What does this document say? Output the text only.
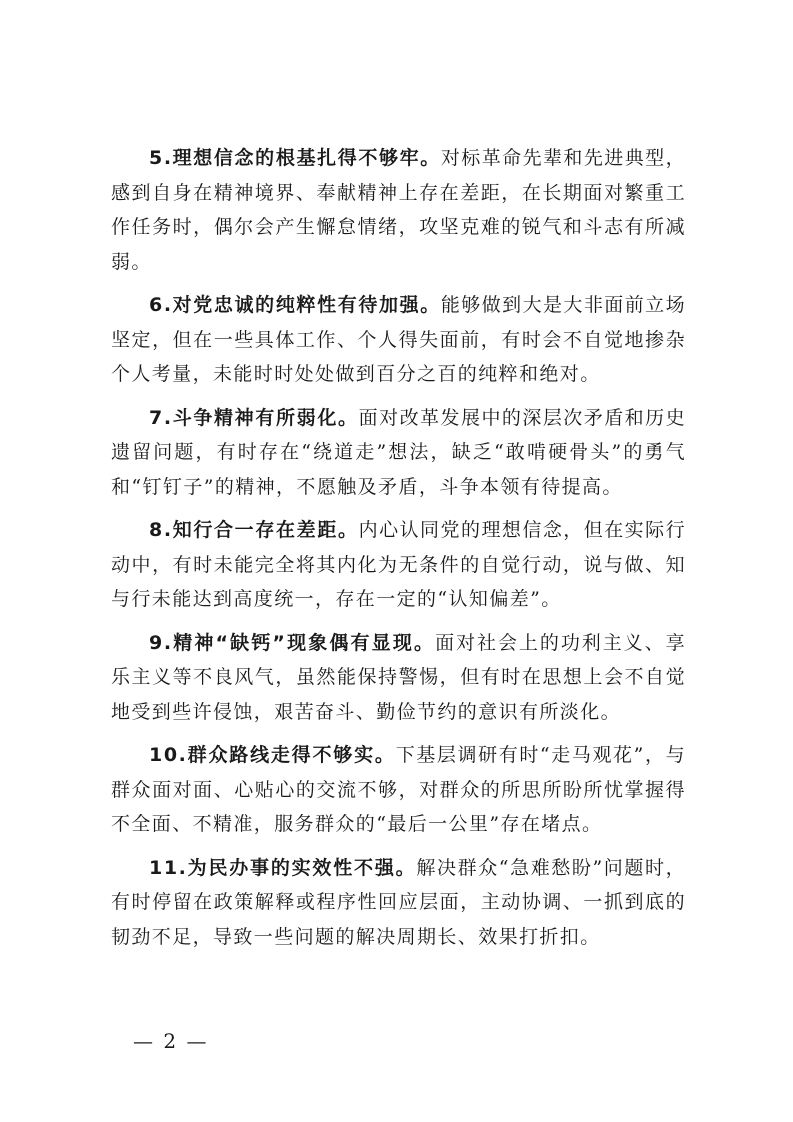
5.理想信念的根基扎得不够牢。对标革命先辈和先进典型，感到自身在精神境界、奉献精神上存在差距，在长期面对繁重工作任务时，偶尔会产生懈怠情绪，攻坚克难的锐气和斗志有所减弱。

6.对党忠诚的纯粹性有待加强。能够做到大是大非面前立场坚定，但在一些具体工作、个人得失面前，有时会不自觉地掺杂个人考量，未能时时处处做到百分之百的纯粹和绝对。

7.斗争精神有所弱化。面对改革发展中的深层次矛盾和历史遗留问题，有时存在“绕道走”想法，缺乏“敢啃硬骨头”的勇气和“钉钉子”的精神，不愿触及矛盾，斗争本领有待提高。

8.知行合一存在差距。内心认同党的理想信念，但在实际行动中，有时未能完全将其内化为无条件的自觉行动，说与做、知与行未能达到高度统一，存在一定的“认知偏差”。

9.精神“缺钙”现象偶有显现。面对社会上的功利主义、享乐主义等不良风气，虽然能保持警惕，但有时在思想上会不自觉地受到些许侵蚀，艰苦奋斗、勤俭节约的意识有所淡化。

10.群众路线走得不够实。下基层调研有时“走马观花”，与群众面对面、心贴心的交流不够，对群众的所思所盼所忧掌握得不全面、不精准，服务群众的“最后一公里”存在堵点。

11.为民办事的实效性不强。解决群众“急难愁盼”问题时，有时停留在政策解释或程序性回应层面，主动协调、一抓到底的韧劲不足，导致一些问题的解决周期长、效果打折扣。

— 2 —
